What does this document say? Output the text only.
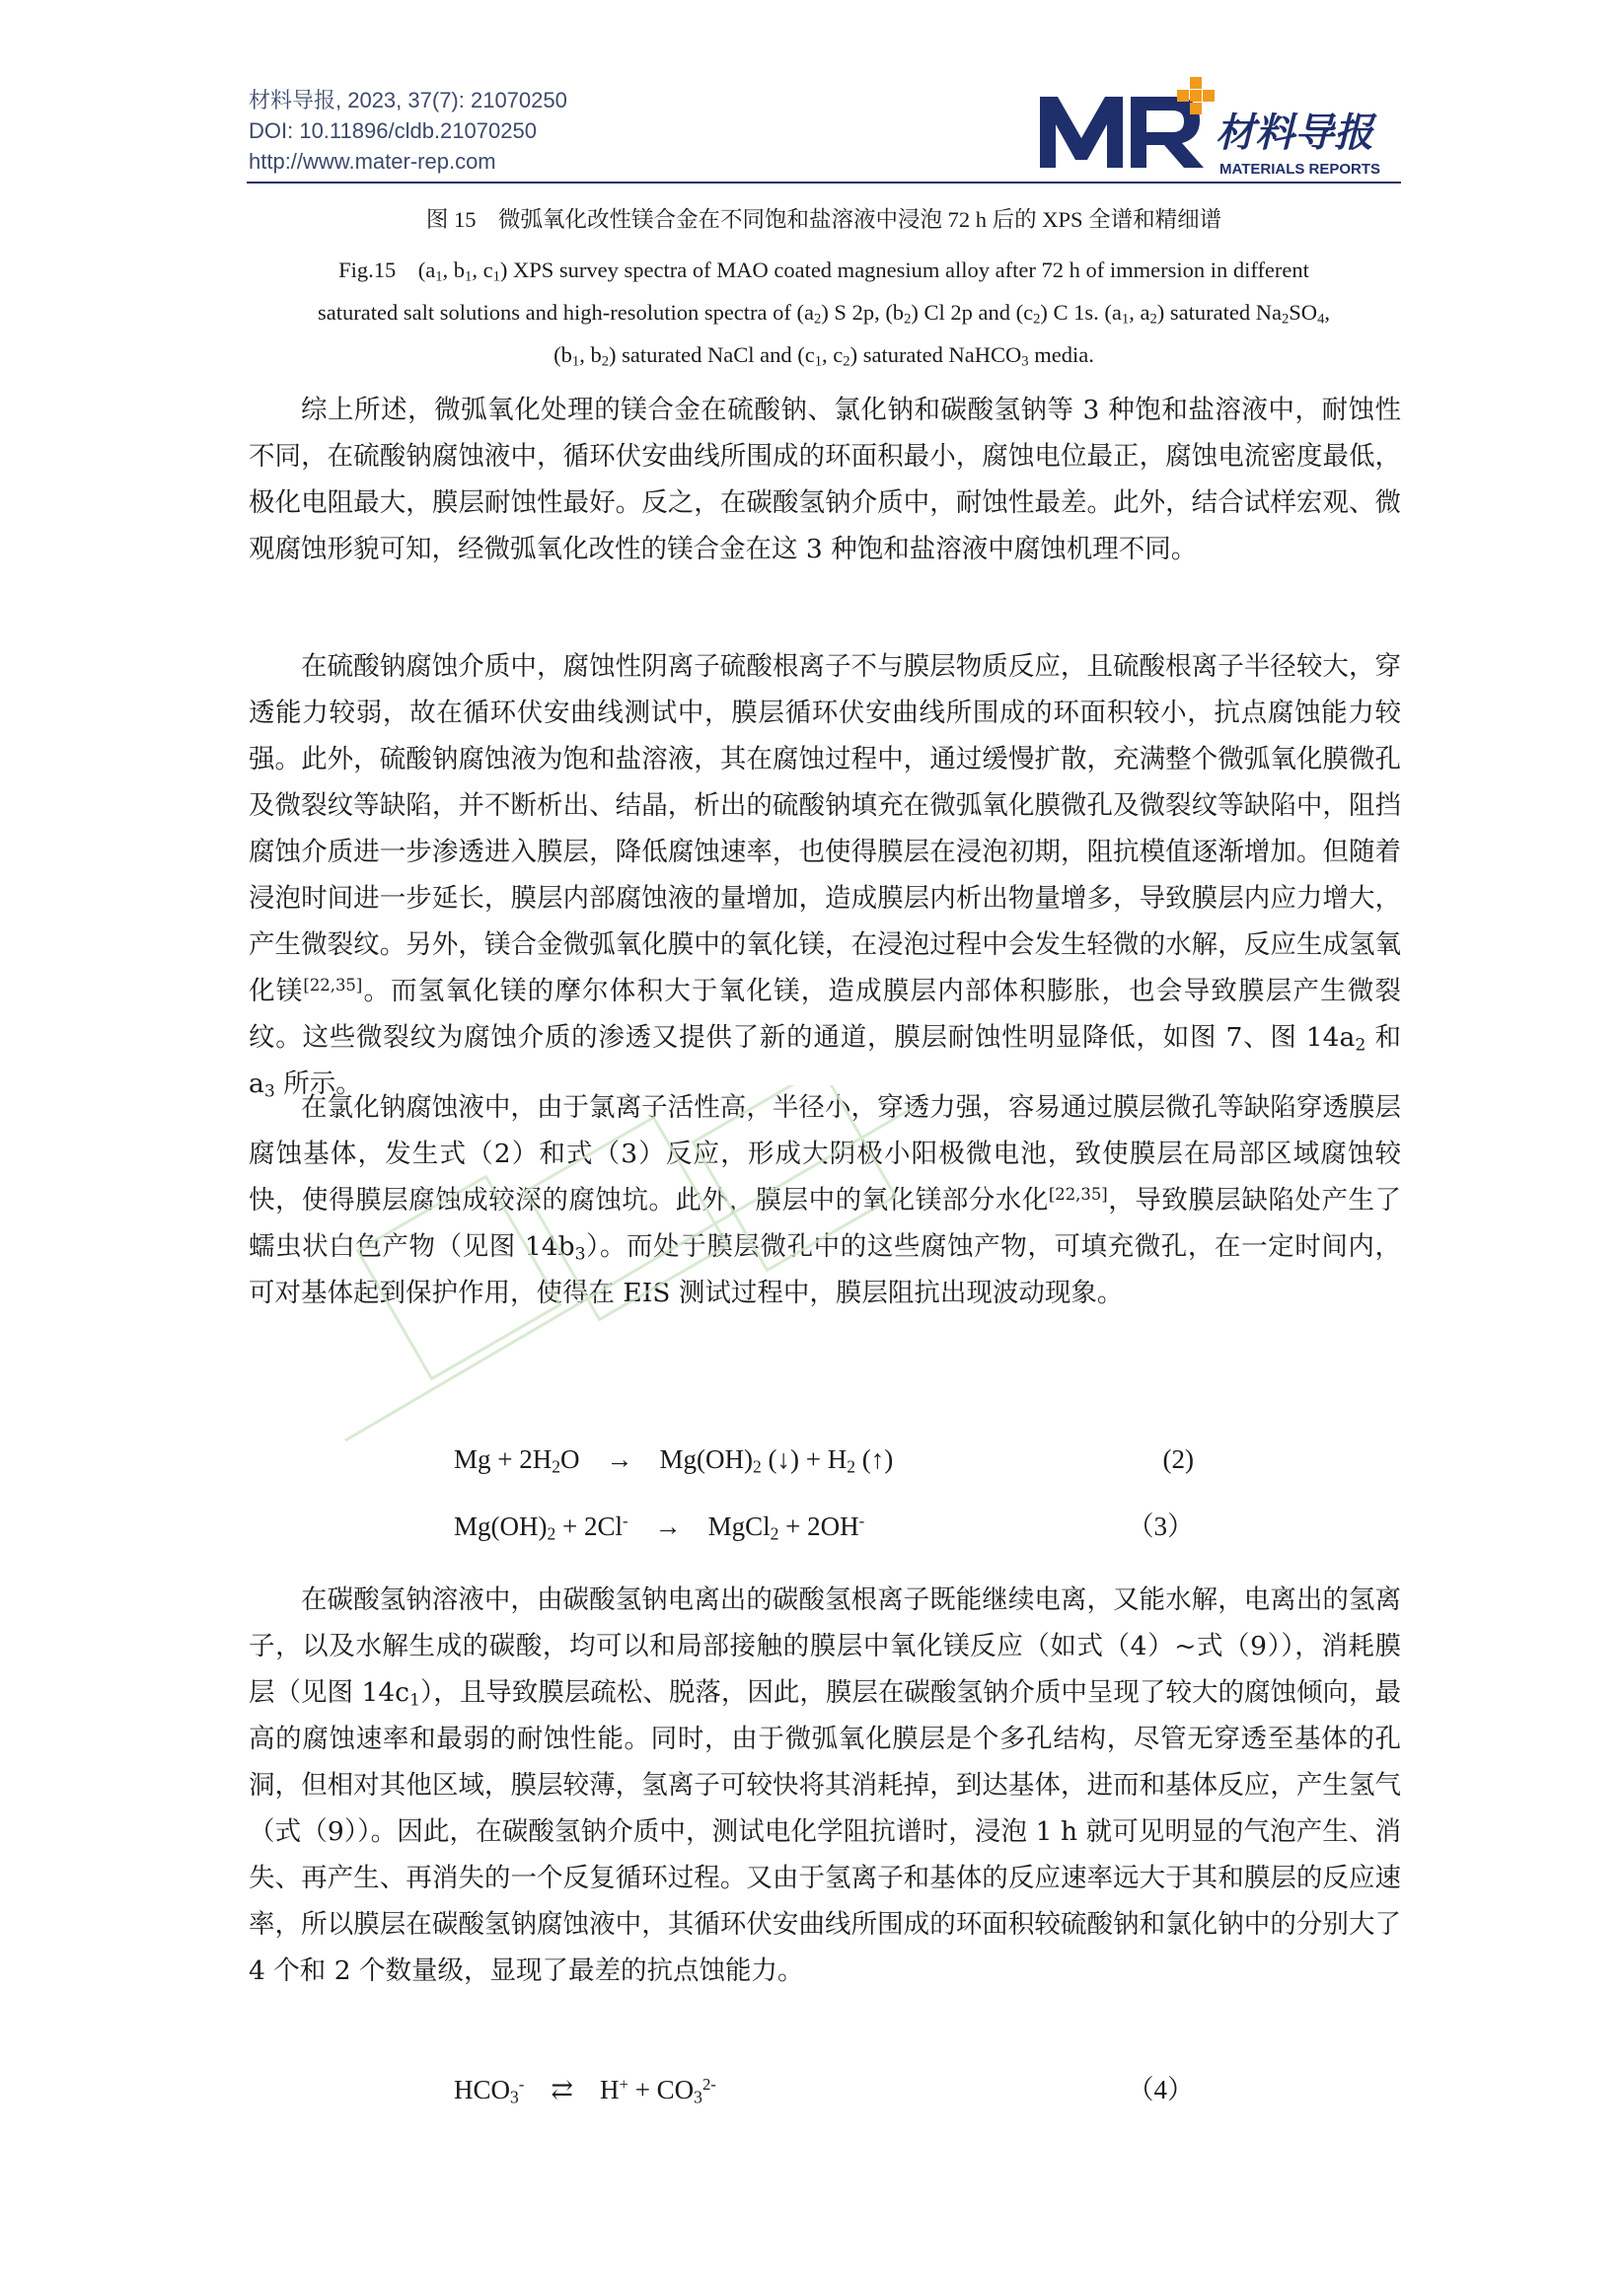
材料导报, 2023, 37(7): 21070250
DOI: 10.11896/cldb.21070250
http://www.mater-rep.com
材料导报
MATERIALS REPORTS
图 15　微弧氧化改性镁合金在不同饱和盐溶液中浸泡 72 h 后的 XPS 全谱和精细谱
Fig.15　($a_1$, $b_1$, $c_1$) XPS survey spectra of MAO coated magnesium alloy after 72 h of immersion in different
saturated salt solutions and high-resolution spectra of $(a_2)$ S 2p, $(b_2)$ Cl 2p and $(c_2)$ C 1s. ($a_1$, $a_2$) saturated $Na_2SO_4$,
($b_1$, $b_2$) saturated NaCl and ($c_1$, $c_2$) saturated NaHCO$_3$ media.

综上所述，微弧氧化处理的镁合金在硫酸钠、氯化钠和碳酸氢钠等 3 种饱和盐溶液中，耐蚀性不同，在硫酸钠腐蚀液中，循环伏安曲线所围成的环面积最小，腐蚀电位最正，腐蚀电流密度最低，极化电阻最大，膜层耐蚀性最好。反之，在碳酸氢钠介质中，耐蚀性最差。此外，结合试样宏观、微观腐蚀形貌可知，经微弧氧化改性的镁合金在这 3 种饱和盐溶液中腐蚀机理不同。

在硫酸钠腐蚀介质中，腐蚀性阴离子硫酸根离子不与膜层物质反应，且硫酸根离子半径较大，穿透能力较弱，故在循环伏安曲线测试中，膜层循环伏安曲线所围成的环面积较小，抗点腐蚀能力较强。此外，硫酸钠腐蚀液为饱和盐溶液，其在腐蚀过程中，通过缓慢扩散，充满整个微弧氧化膜微孔及微裂纹等缺陷，并不断析出、结晶，析出的硫酸钠填充在微弧氧化膜微孔及微裂纹等缺陷中，阻挡腐蚀介质进一步渗透进入膜层，降低腐蚀速率，也使得膜层在浸泡初期，阻抗模值逐渐增加。但随着浸泡时间进一步延长，膜层内部腐蚀液的量增加，造成膜层内析出物量增多，导致膜层内应力增大，产生微裂纹。另外，镁合金微弧氧化膜中的氧化镁，在浸泡过程中会发生轻微的水解，反应生成氢氧化镁[22,35]。而氢氧化镁的摩尔体积大于氧化镁，造成膜层内部体积膨胀，也会导致膜层产生微裂纹。这些微裂纹为腐蚀介质的渗透又提供了新的通道，膜层耐蚀性明显降低，如图 7、图 $14a_2$ 和 $a_3$ 所示。

在氯化钠腐蚀液中，由于氯离子活性高，半径小，穿透力强，容易通过膜层微孔等缺陷穿透膜层腐蚀基体，发生式（2）和式（3）反应，形成大阴极小阳极微电池，致使膜层在局部区域腐蚀较快，使得膜层腐蚀成较深的腐蚀坑。此外，膜层中的氧化镁部分水化[22,35]，导致膜层缺陷处产生了蠕虫状白色产物（见图 $14b_3$）。而处于膜层微孔中的这些腐蚀产物，可填充微孔，在一定时间内，可对基体起到保护作用，使得在 EIS 测试过程中，膜层阻抗出现波动现象。

$Mg + 2H_2O$　→　$Mg(OH)_2$ (↓) + $H_2$ (↑)	(2)
$Mg(OH)_2 + 2Cl^-$　→　MgCl$_2$ + 2OH-	（3）

在碳酸氢钠溶液中，由碳酸氢钠电离出的碳酸氢根离子既能继续电离，又能水解，电离出的氢离子，以及水解生成的碳酸，均可以和局部接触的膜层中氧化镁反应（如式（4）~式（9）），消耗膜层（见图 $14c_1$），且导致膜层疏松、脱落，因此，膜层在碳酸氢钠介质中呈现了较大的腐蚀倾向，最高的腐蚀速率和最弱的耐蚀性能。同时，由于微弧氧化膜层是个多孔结构，尽管无穿透至基体的孔洞，但相对其他区域，膜层较薄，氢离子可较快将其消耗掉，到达基体，进而和基体反应，产生氢气（式（9））。因此，在碳酸氢钠介质中，测试电化学阻抗谱时，浸泡 1 h 就可见明显的气泡产生、消失、再产生、再消失的一个反复循环过程。又由于氢离子和基体的反应速率远大于其和膜层的反应速率，所以膜层在碳酸氢钠腐蚀液中，其循环伏安曲线所围成的环面积较硫酸钠和氯化钠中的分别大了 4 个和 2 个数量级，显现了最差的抗点蚀能力。

$HCO_3^-$　⇄　$H^+ + CO_3^{2-}$	（4）
